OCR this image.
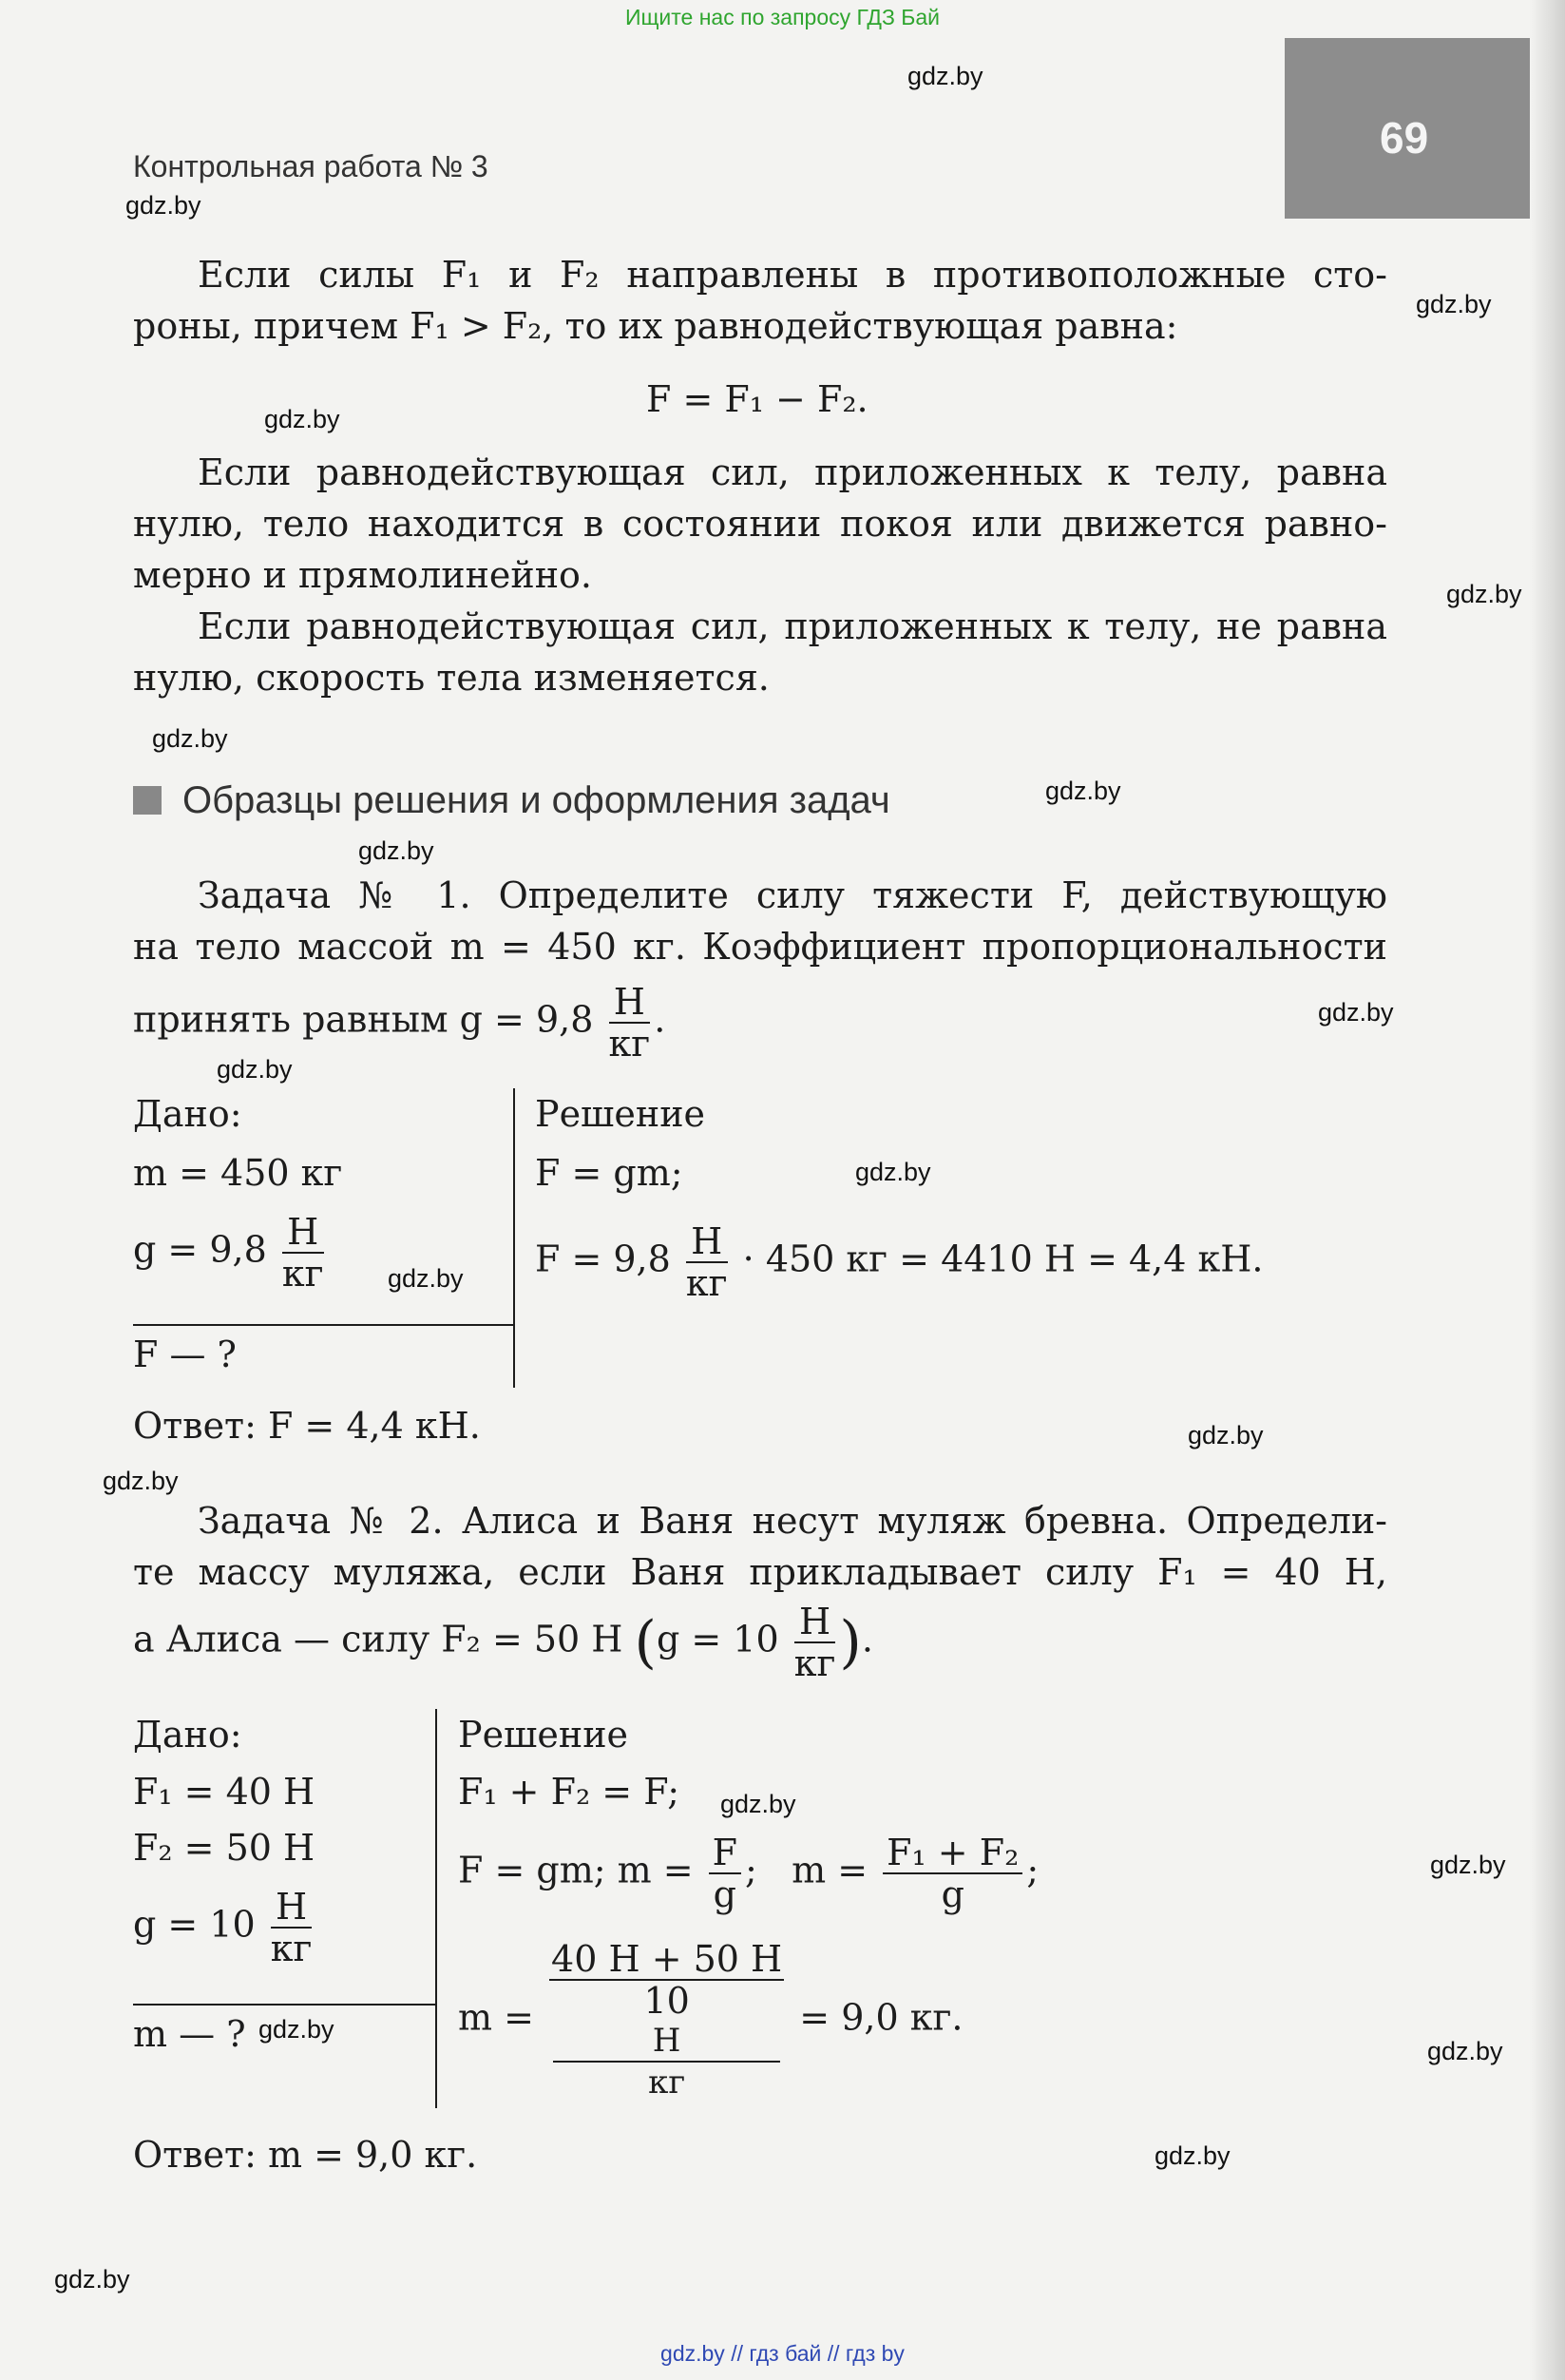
Ищите нас по запросу ГДЗ Бай
69
Контрольная работа № 3
gdz.by
gdz.by
gdz.by
gdz.by
gdz.by
gdz.by
gdz.by
gdz.by
gdz.by
gdz.by
gdz.by
gdz.by
gdz.by
gdz.by
gdz.by
gdz.by
gdz.by
gdz.by
gdz.by
gdz.by
Если силы F₁ и F₂ направлены в противоположные сто-
роны, причем F₁ > F₂, то их равнодействующая равна:
F = F₁ − F₂.
Если равнодействующая сил, приложенных к телу, равна
нулю, тело находится в состоянии покоя или движется равно-
мерно и прямолинейно.
Если равнодействующая сил, приложенных к телу, не равна
нулю, скорость тела изменяется.
Образцы решения и оформления задач
Задача № 1. Определите силу тяжести F, действующую
на тело массой m = 450 кг. Коэффициент пропорциональности
принять равным $g = 9,8 \frac{Н}{кг}$ .
Дано:
m = 450 кг
$g = 9,8 \frac{Н}{кг}$
F — ?
Решение
F = gm;
$F = 9,8 \frac{Н}{кг} \cdot 450$ кг = 4410 Н = 4,4 кН.
Ответ: F = 4,4 кН.
Задача № 2. Алиса и Ваня несут муляж бревна. Определи-
те массу муляжа, если Ваня прикладывает силу F₁ = 40 Н,
а Алиса — силу F₂ = 50 Н ($g = 10 \frac{Н}{кг}$ ).
Дано:
F₁ = 40 Н
F₂ = 50 Н
$g = 10 \frac{Н}{кг}$
m — ?
Решение
F₁ + F₂ = F;
F = gm; $m = \frac{F}{g}$ ;   $m = \frac{\text{F₁ + F₂}}{g}$ ;
m = 40 Н + 50 Н
10
Н
кг = 9,0 кг.
Ответ: m = 9,0 кг.
gdz.by // гдз бай // гдз by
